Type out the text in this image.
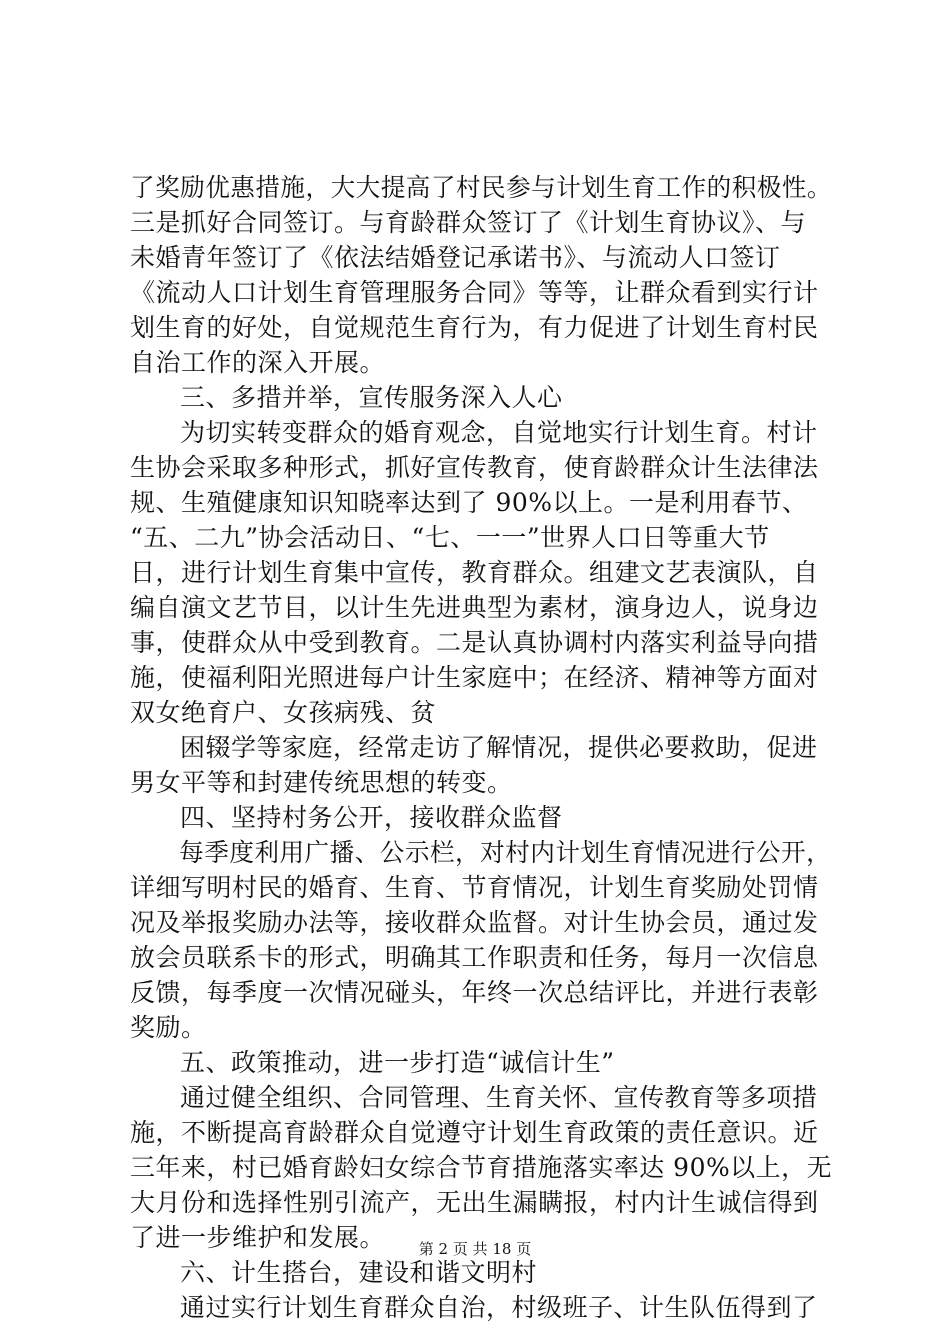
了奖励优惠措施，大大提高了村民参与计划生育工作的积极性。
三是抓好合同签订。与育龄群众签订了《计划生育协议》、与
未婚青年签订了《依法结婚登记承诺书》、与流动人口签订
《流动人口计划生育管理服务合同》等等，让群众看到实行计
划生育的好处，自觉规范生育行为，有力促进了计划生育村民
自治工作的深入开展。
三、多措并举，宣传服务深入人心
为切实转变群众的婚育观念，自觉地实行计划生育。村计
生协会采取多种形式，抓好宣传教育，使育龄群众计生法律法
规、生殖健康知识知晓率达到了 90%以上。一是利用春节、
“五、二九”协会活动日、“七、一一”世界人口日等重大节
日，进行计划生育集中宣传，教育群众。组建文艺表演队，自
编自演文艺节目，以计生先进典型为素材，演身边人，说身边
事，使群众从中受到教育。二是认真协调村内落实利益导向措
施，使福利阳光照进每户计生家庭中；在经济、精神等方面对
双女绝育户、女孩病残、贫
困辍学等家庭，经常走访了解情况，提供必要救助，促进
男女平等和封建传统思想的转变。
四、坚持村务公开，接收群众监督
每季度利用广播、公示栏，对村内计划生育情况进行公开，
详细写明村民的婚育、生育、节育情况，计划生育奖励处罚情
况及举报奖励办法等，接收群众监督。对计生协会员，通过发
放会员联系卡的形式，明确其工作职责和任务，每月一次信息
反馈，每季度一次情况碰头，年终一次总结评比，并进行表彰
奖励。
五、政策推动，进一步打造“诚信计生”
通过健全组织、合同管理、生育关怀、宣传教育等多项措
施，不断提高育龄群众自觉遵守计划生育政策的责任意识。近
三年来，村已婚育龄妇女综合节育措施落实率达 90%以上，无
大月份和选择性别引流产，无出生漏瞒报，村内计生诚信得到
了进一步维护和发展。
六、计生搭台，建设和谐文明村
通过实行计划生育群众自治，村级班子、计生队伍得到了
第 2 页 共 18 页
